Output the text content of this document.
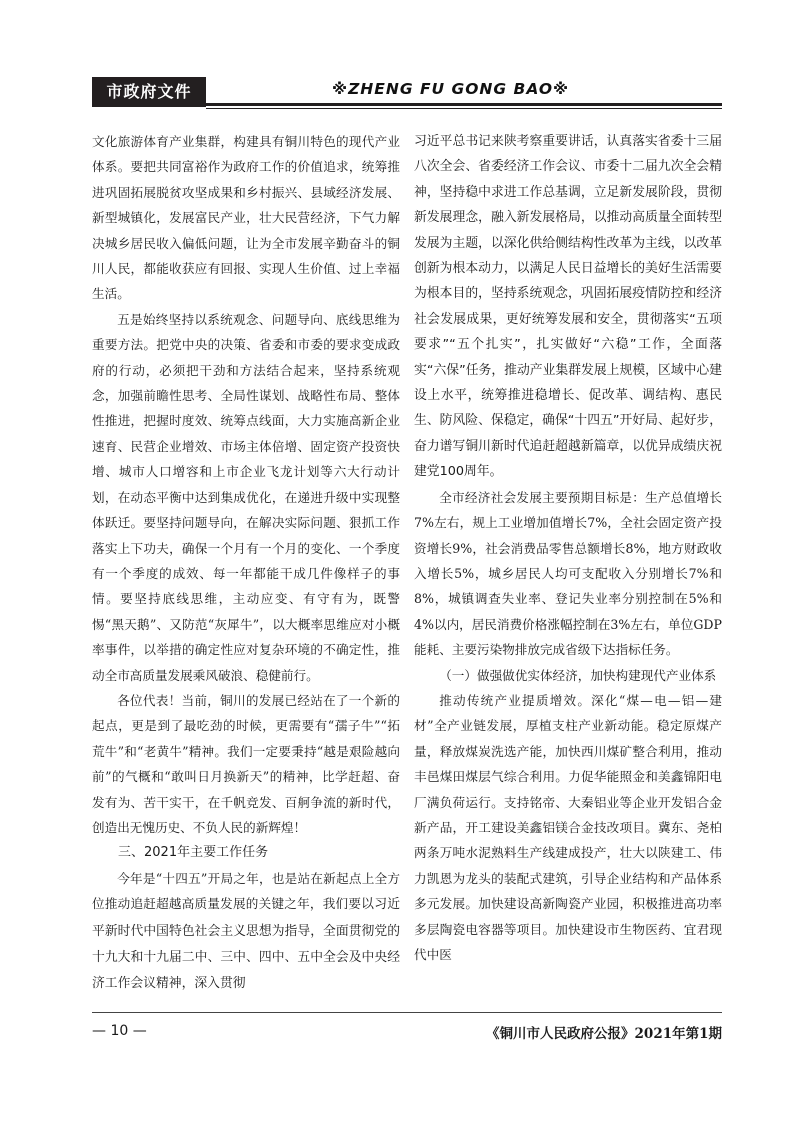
市政府文件	※ZHENG FU GONG BAO※

文化旅游体育产业集群，构建具有铜川特色的现代产业体系。要把共同富裕作为政府工作的价值追求，统筹推进巩固拓展脱贫攻坚成果和乡村振兴、县域经济发展、新型城镇化，发展富民产业，壮大民营经济，下气力解决城乡居民收入偏低问题，让为全市发展辛勤奋斗的铜川人民，都能收获应有回报、实现人生价值、过上幸福生活。

五是始终坚持以系统观念、问题导向、底线思维为重要方法。把党中央的决策、省委和市委的要求变成政府的行动，必须把干劲和方法结合起来，坚持系统观念，加强前瞻性思考、全局性谋划、战略性布局、整体性推进，把握时度效、统筹点线面，大力实施高新企业速育、民营企业增效、市场主体倍增、固定资产投资快增、城市人口增容和上市企业飞龙计划等六大行动计划，在动态平衡中达到集成优化，在递进升级中实现整体跃迁。要坚持问题导向，在解决实际问题、狠抓工作落实上下功夫，确保一个月有一个月的变化、一个季度有一个季度的成效、每一年都能干成几件像样子的事情。要坚持底线思维，主动应变、有守有为，既警惕“黑天鹅”、又防范“灰犀牛”，以大概率思维应对小概率事件，以举措的确定性应对复杂环境的不确定性，推动全市高质量发展乘风破浪、稳健前行。

各位代表！当前，铜川的发展已经站在了一个新的起点，更是到了最吃劲的时候，更需要有“孺子牛”“拓荒牛”和“老黄牛”精神。我们一定要秉持“越是艰险越向前”的气概和“敢叫日月换新天”的精神，比学赶超、奋发有为、苦干实干，在千帆竞发、百舸争流的新时代，创造出无愧历史、不负人民的新辉煌！

三、2021年主要工作任务

今年是“十四五”开局之年，也是站在新起点上全方位推动追赶超越高质量发展的关键之年，我们要以习近平新时代中国特色社会主义思想为指导，全面贯彻党的十九大和十九届二中、三中、四中、五中全会及中央经济工作会议精神，深入贯彻

习近平总书记来陕考察重要讲话，认真落实省委十三届八次全会、省委经济工作会议、市委十二届九次全会精神，坚持稳中求进工作总基调，立足新发展阶段，贯彻新发展理念，融入新发展格局，以推动高质量全面转型发展为主题，以深化供给侧结构性改革为主线，以改革创新为根本动力，以满足人民日益增长的美好生活需要为根本目的，坚持系统观念，巩固拓展疫情防控和经济社会发展成果，更好统筹发展和安全，贯彻落实“五项要求”“五个扎实”，扎实做好“六稳”工作，全面落实“六保”任务，推动产业集群发展上规模，区域中心建设上水平，统筹推进稳增长、促改革、调结构、惠民生、防风险、保稳定，确保“十四五”开好局、起好步，奋力谱写铜川新时代追赶超越新篇章，以优异成绩庆祝建党100周年。

全市经济社会发展主要预期目标是：生产总值增长7%左右，规上工业增加值增长7%，全社会固定资产投资增长9%，社会消费品零售总额增长8%，地方财政收入增长5%，城乡居民人均可支配收入分别增长7%和8%，城镇调查失业率、登记失业率分别控制在5%和4%以内，居民消费价格涨幅控制在3%左右，单位GDP能耗、主要污染物排放完成省级下达指标任务。

（一）做强做优实体经济，加快构建现代产业体系

推动传统产业提质增效。深化“煤—电—铝—建材”全产业链发展，厚植支柱产业新动能。稳定原煤产量，释放煤炭洗选产能，加快西川煤矿整合利用，推动丰邑煤田煤层气综合利用。力促华能照金和美鑫锦阳电厂满负荷运行。支持铭帝、大秦铝业等企业开发铝合金新产品，开工建设美鑫铝镁合金技改项目。冀东、尧柏两条万吨水泥熟料生产线建成投产，壮大以陕建工、伟力凯恩为龙头的装配式建筑，引导企业结构和产品体系多元发展。加快建设高新陶瓷产业园，积极推进高功率多层陶瓷电容器等项目。加快建设市生物医药、宜君现代中医

— 10 —	《铜川市人民政府公报》2021年第1期
